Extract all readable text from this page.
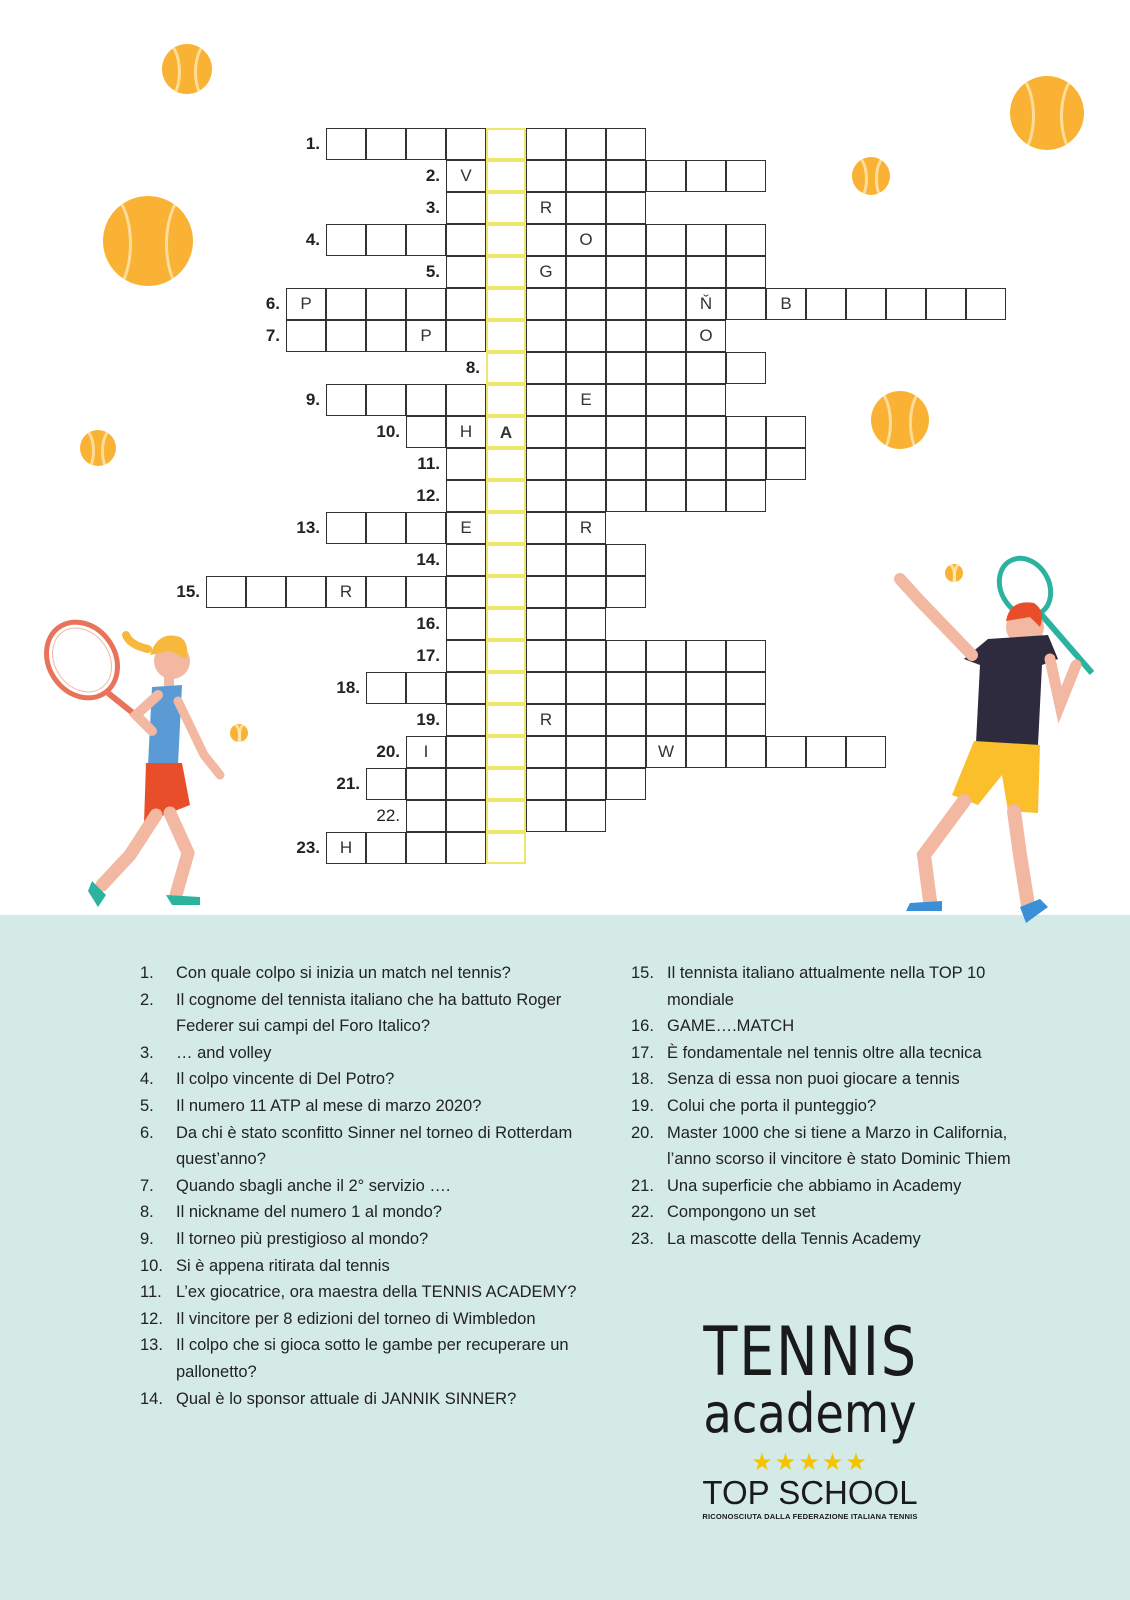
1.
2.	V
3.	R
4.	O
5.	G
6.	P	Ň	B
7.	P	O
8.
9.	E
10.	H	A
11.
12.
13.	E	R
14.
15.	R
16.
17.
18.
19.	R
20.	I	W
21.
22.
23.	H
1. Con quale colpo si inizia un match nel tennis?
2. Il cognome del tennista italiano che ha battuto Roger Federer sui campi del Foro Italico?
3. … and volley
4. Il colpo vincente di Del Potro?
5. Il numero 11 ATP al mese di marzo 2020?
6. Da chi è stato sconfitto Sinner nel torneo di Rotterdam quest’anno?
7. Quando sbagli anche il 2° servizio ….
8. Il nickname del numero 1 al mondo?
9. Il torneo più prestigioso al mondo?
10. Si è appena ritirata dal tennis
11. L’ex giocatrice, ora maestra della TENNIS ACADEMY?
12. Il vincitore per 8 edizioni del torneo di Wimbledon
13. Il colpo che si gioca sotto le gambe per recuperare un pallonetto?
14. Qual è lo sponsor attuale di JANNIK SINNER?
15. Il tennista italiano attualmente nella TOP 10 mondiale
16. GAME….MATCH
17. È fondamentale nel tennis oltre alla tecnica
18. Senza di essa non puoi giocare a tennis
19. Colui che porta il punteggio?
20. Master 1000 che si tiene a Marzo in California, l’anno scorso il vincitore è stato Dominic Thiem
21. Una superficie che abbiamo in Academy
22. Compongono un set
23. La mascotte della Tennis Academy
TENNIS
academy
★★★★★
TOP SCHOOL
RICONOSCIUTA DALLA FEDERAZIONE ITALIANA TENNIS
